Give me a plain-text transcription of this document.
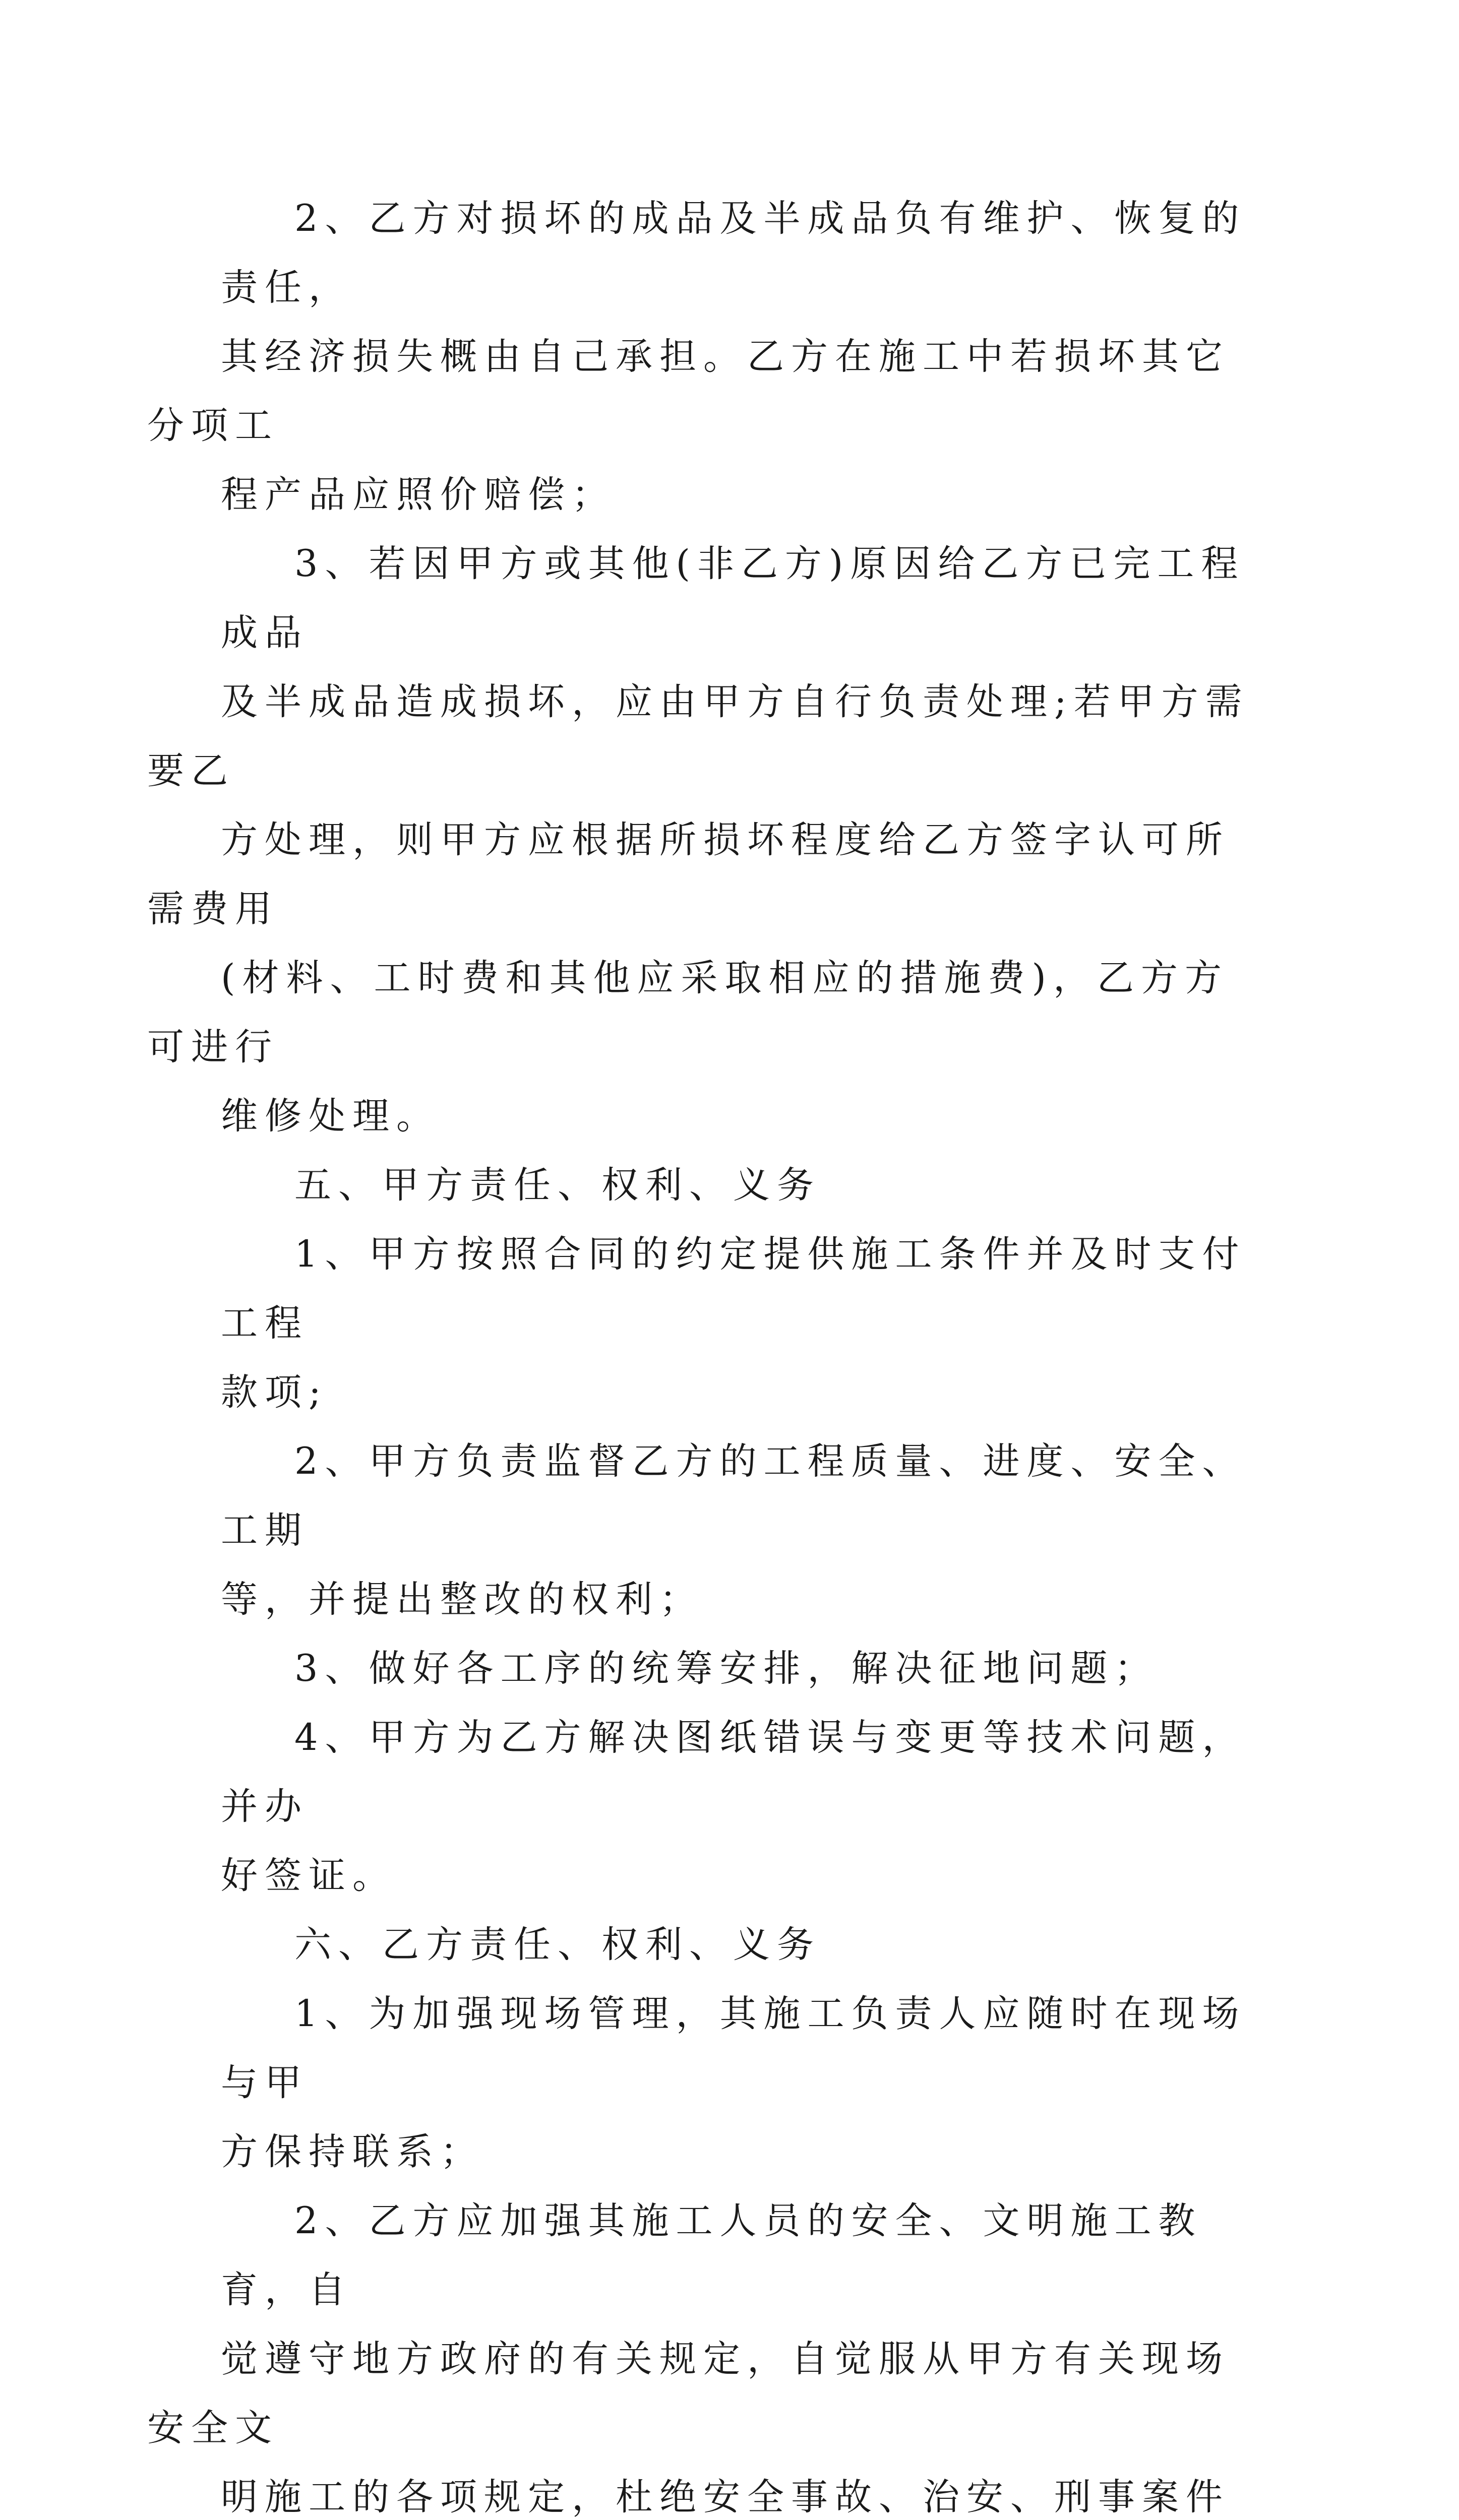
2、乙方对损坏的成品及半成品负有维护、恢复的责任，
其经济损失概由自己承担。乙方在施工中若损坏其它分项工
程产品应照价赔偿；

3、若因甲方或其他(非乙方)原因给乙方已完工程成品
及半成品造成损坏，应由甲方自行负责处理;若甲方需要乙
方处理，则甲方应根据所损坏程度给乙方签字认可所需费用
(材料、工时费和其他应采取相应的措施费)，乙方方可进行
维修处理。

五、甲方责任、权利、义务

1、甲方按照合同的约定提供施工条件并及时支付工程
款项;

2、甲方负责监督乙方的工程质量、进度、安全、工期
等，并提出整改的权利；

3、做好各工序的统筹安排，解决征地问题；

4、甲方为乙方解决图纸错误与变更等技术问题，并办
好签证。

六、乙方责任、权利、义务

1、为加强现场管理，其施工负责人应随时在现场与甲
方保持联系；

2、乙方应加强其施工人员的安全、文明施工教育，自
觉遵守地方政府的有关规定，自觉服从甲方有关现场安全文
明施工的各项规定，杜绝安全事故、治安、刑事案件
